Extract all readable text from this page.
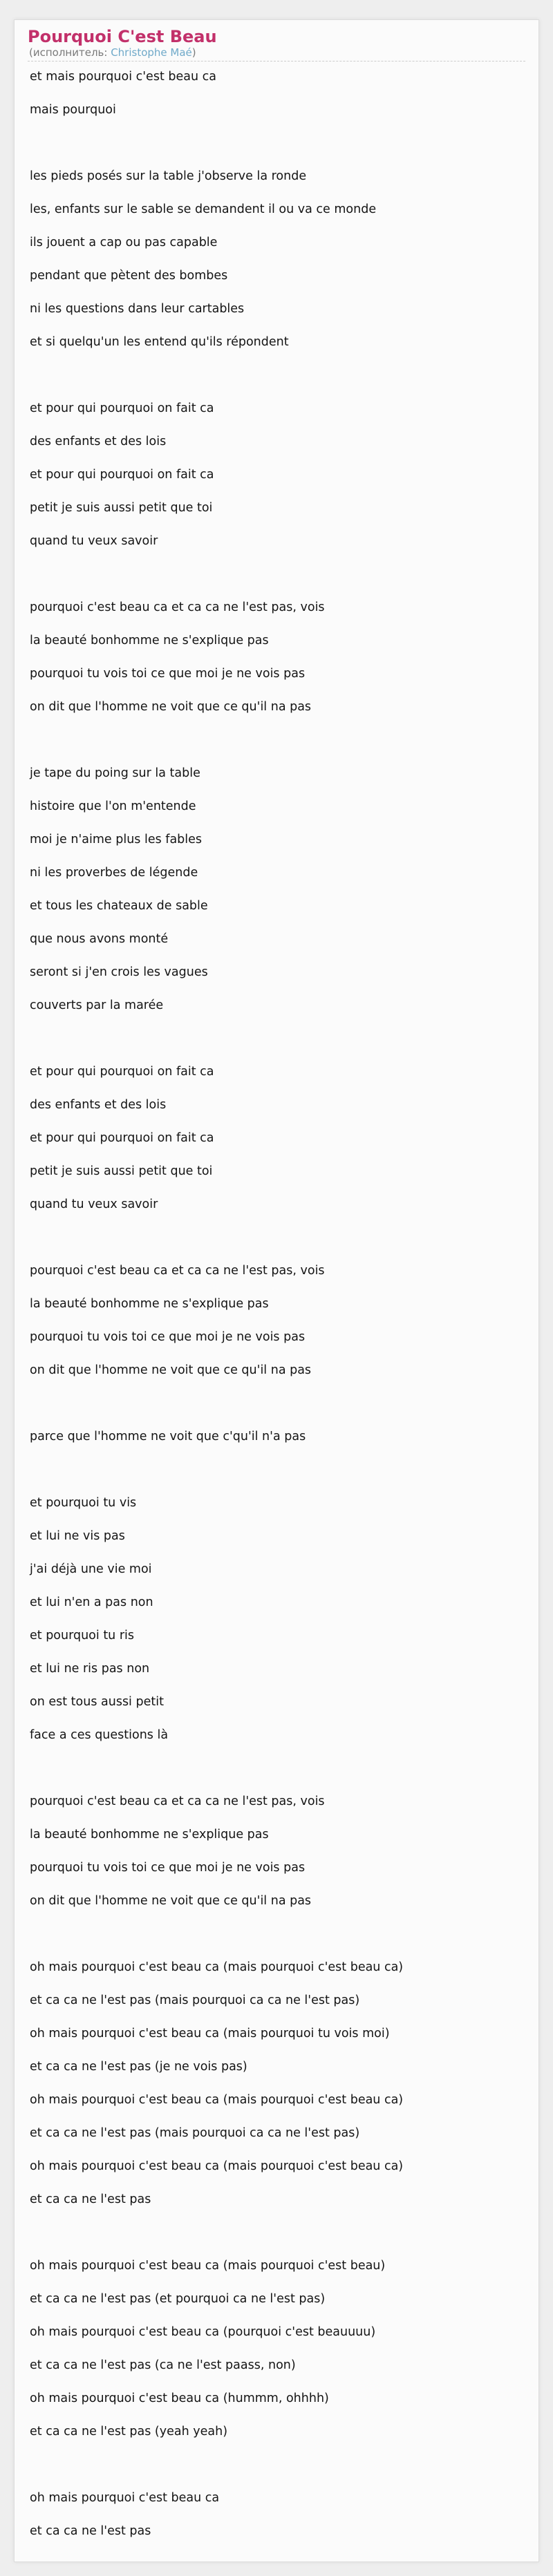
Pourquoi C'est Beau
(исполнитель: Christophe Maé)
et mais pourquoi c'est beau ca
mais pourquoi
les pieds posés sur la table j'observe la ronde
les, enfants sur le sable se demandent il ou va ce monde
ils jouent a cap ou pas capable
pendant que pètent des bombes
ni les questions dans leur cartables
et si quelqu'un les entend qu'ils répondent
et pour qui pourquoi on fait ca
des enfants et des lois
et pour qui pourquoi on fait ca
petit je suis aussi petit que toi
quand tu veux savoir
pourquoi c'est beau ca et ca ca ne l'est pas, vois
la beauté bonhomme ne s'explique pas
pourquoi tu vois toi ce que moi je ne vois pas
on dit que l'homme ne voit que ce qu'il na pas
je tape du poing sur la table
histoire que l'on m'entende
moi je n'aime plus les fables
ni les proverbes de légende
et tous les chateaux de sable
que nous avons monté
seront si j'en crois les vagues
couverts par la marée
et pour qui pourquoi on fait ca
des enfants et des lois
et pour qui pourquoi on fait ca
petit je suis aussi petit que toi
quand tu veux savoir
pourquoi c'est beau ca et ca ca ne l'est pas, vois
la beauté bonhomme ne s'explique pas
pourquoi tu vois toi ce que moi je ne vois pas
on dit que l'homme ne voit que ce qu'il na pas
parce que l'homme ne voit que c'qu'il n'a pas
et pourquoi tu vis
et lui ne vis pas
j'ai déjà une vie moi
et lui n'en a pas non
et pourquoi tu ris
et lui ne ris pas non
on est tous aussi petit
face a ces questions là
pourquoi c'est beau ca et ca ca ne l'est pas, vois
la beauté bonhomme ne s'explique pas
pourquoi tu vois toi ce que moi je ne vois pas
on dit que l'homme ne voit que ce qu'il na pas
oh mais pourquoi c'est beau ca (mais pourquoi c'est beau ca)
et ca ca ne l'est pas (mais pourquoi ca ca ne l'est pas)
oh mais pourquoi c'est beau ca (mais pourquoi tu vois moi)
et ca ca ne l'est pas (je ne vois pas)
oh mais pourquoi c'est beau ca (mais pourquoi c'est beau ca)
et ca ca ne l'est pas (mais pourquoi ca ca ne l'est pas)
oh mais pourquoi c'est beau ca (mais pourquoi c'est beau ca)
et ca ca ne l'est pas
oh mais pourquoi c'est beau ca (mais pourquoi c'est beau)
et ca ca ne l'est pas (et pourquoi ca ne l'est pas)
oh mais pourquoi c'est beau ca (pourquoi c'est beauuuu)
et ca ca ne l'est pas (ca ne l'est paass, non)
oh mais pourquoi c'est beau ca (hummm, ohhhh)
et ca ca ne l'est pas (yeah yeah)
oh mais pourquoi c'est beau ca
et ca ca ne l'est pas
